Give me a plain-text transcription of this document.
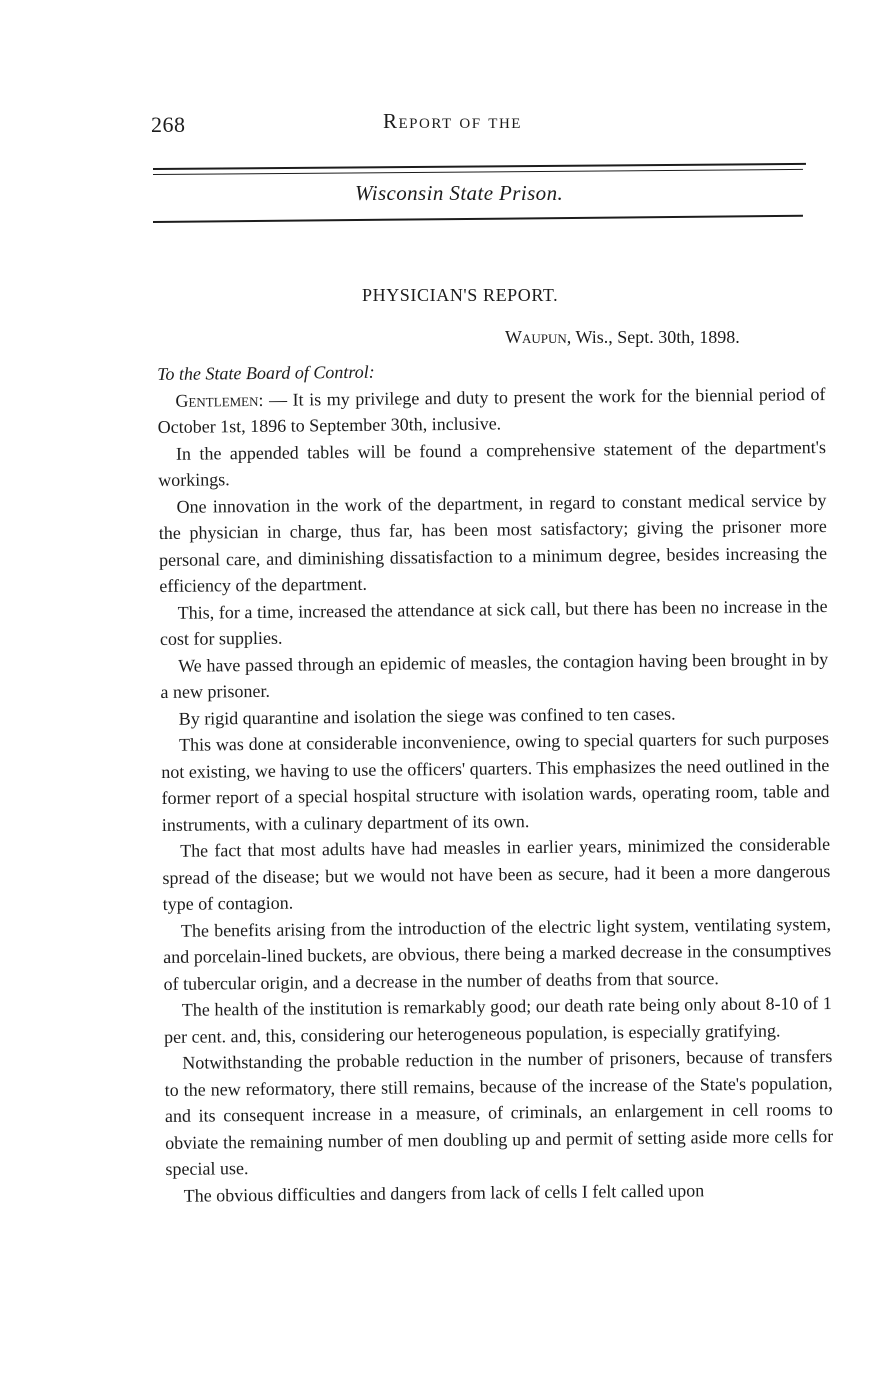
268	Report of the
Wisconsin State Prison.
PHYSICIAN'S REPORT.
Waupun, Wis., Sept. 30th, 1898.

To the State Board of Control:

Gentlemen: — It is my privilege and duty to present the work for the biennial period of October 1st, 1896 to September 30th, inclusive.

In the appended tables will be found a comprehensive statement of the department's workings.

One innovation in the work of the department, in regard to constant medical service by the physician in charge, thus far, has been most satisfactory; giving the prisoner more personal care, and diminishing dissatisfaction to a minimum degree, besides increasing the efficiency of the department.

This, for a time, increased the attendance at sick call, but there has been no increase in the cost for supplies.

We have passed through an epidemic of measles, the contagion having been brought in by a new prisoner.

By rigid quarantine and isolation the siege was confined to ten cases.

This was done at considerable inconvenience, owing to special quarters for such purposes not existing, we having to use the officers' quarters. This emphasizes the need outlined in the former report of a special hospital structure with isolation wards, operating room, table and instruments, with a culinary department of its own.

The fact that most adults have had measles in earlier years, minimized the considerable spread of the disease; but we would not have been as secure, had it been a more dangerous type of contagion.

The benefits arising from the introduction of the electric light system, ventilating system, and porcelain-lined buckets, are obvious, there being a marked decrease in the consumptives of tubercular origin, and a decrease in the number of deaths from that source.

The health of the institution is remarkably good; our death rate being only about 8-10 of 1 per cent. and, this, considering our heterogeneous population, is especially gratifying.

Notwithstanding the probable reduction in the number of prisoners, because of transfers to the new reformatory, there still remains, because of the increase of the State's population, and its consequent increase in a measure, of criminals, an enlargement in cell rooms to obviate the remaining number of men doubling up and permit of setting aside more cells for special use.

The obvious difficulties and dangers from lack of cells I felt called upon
